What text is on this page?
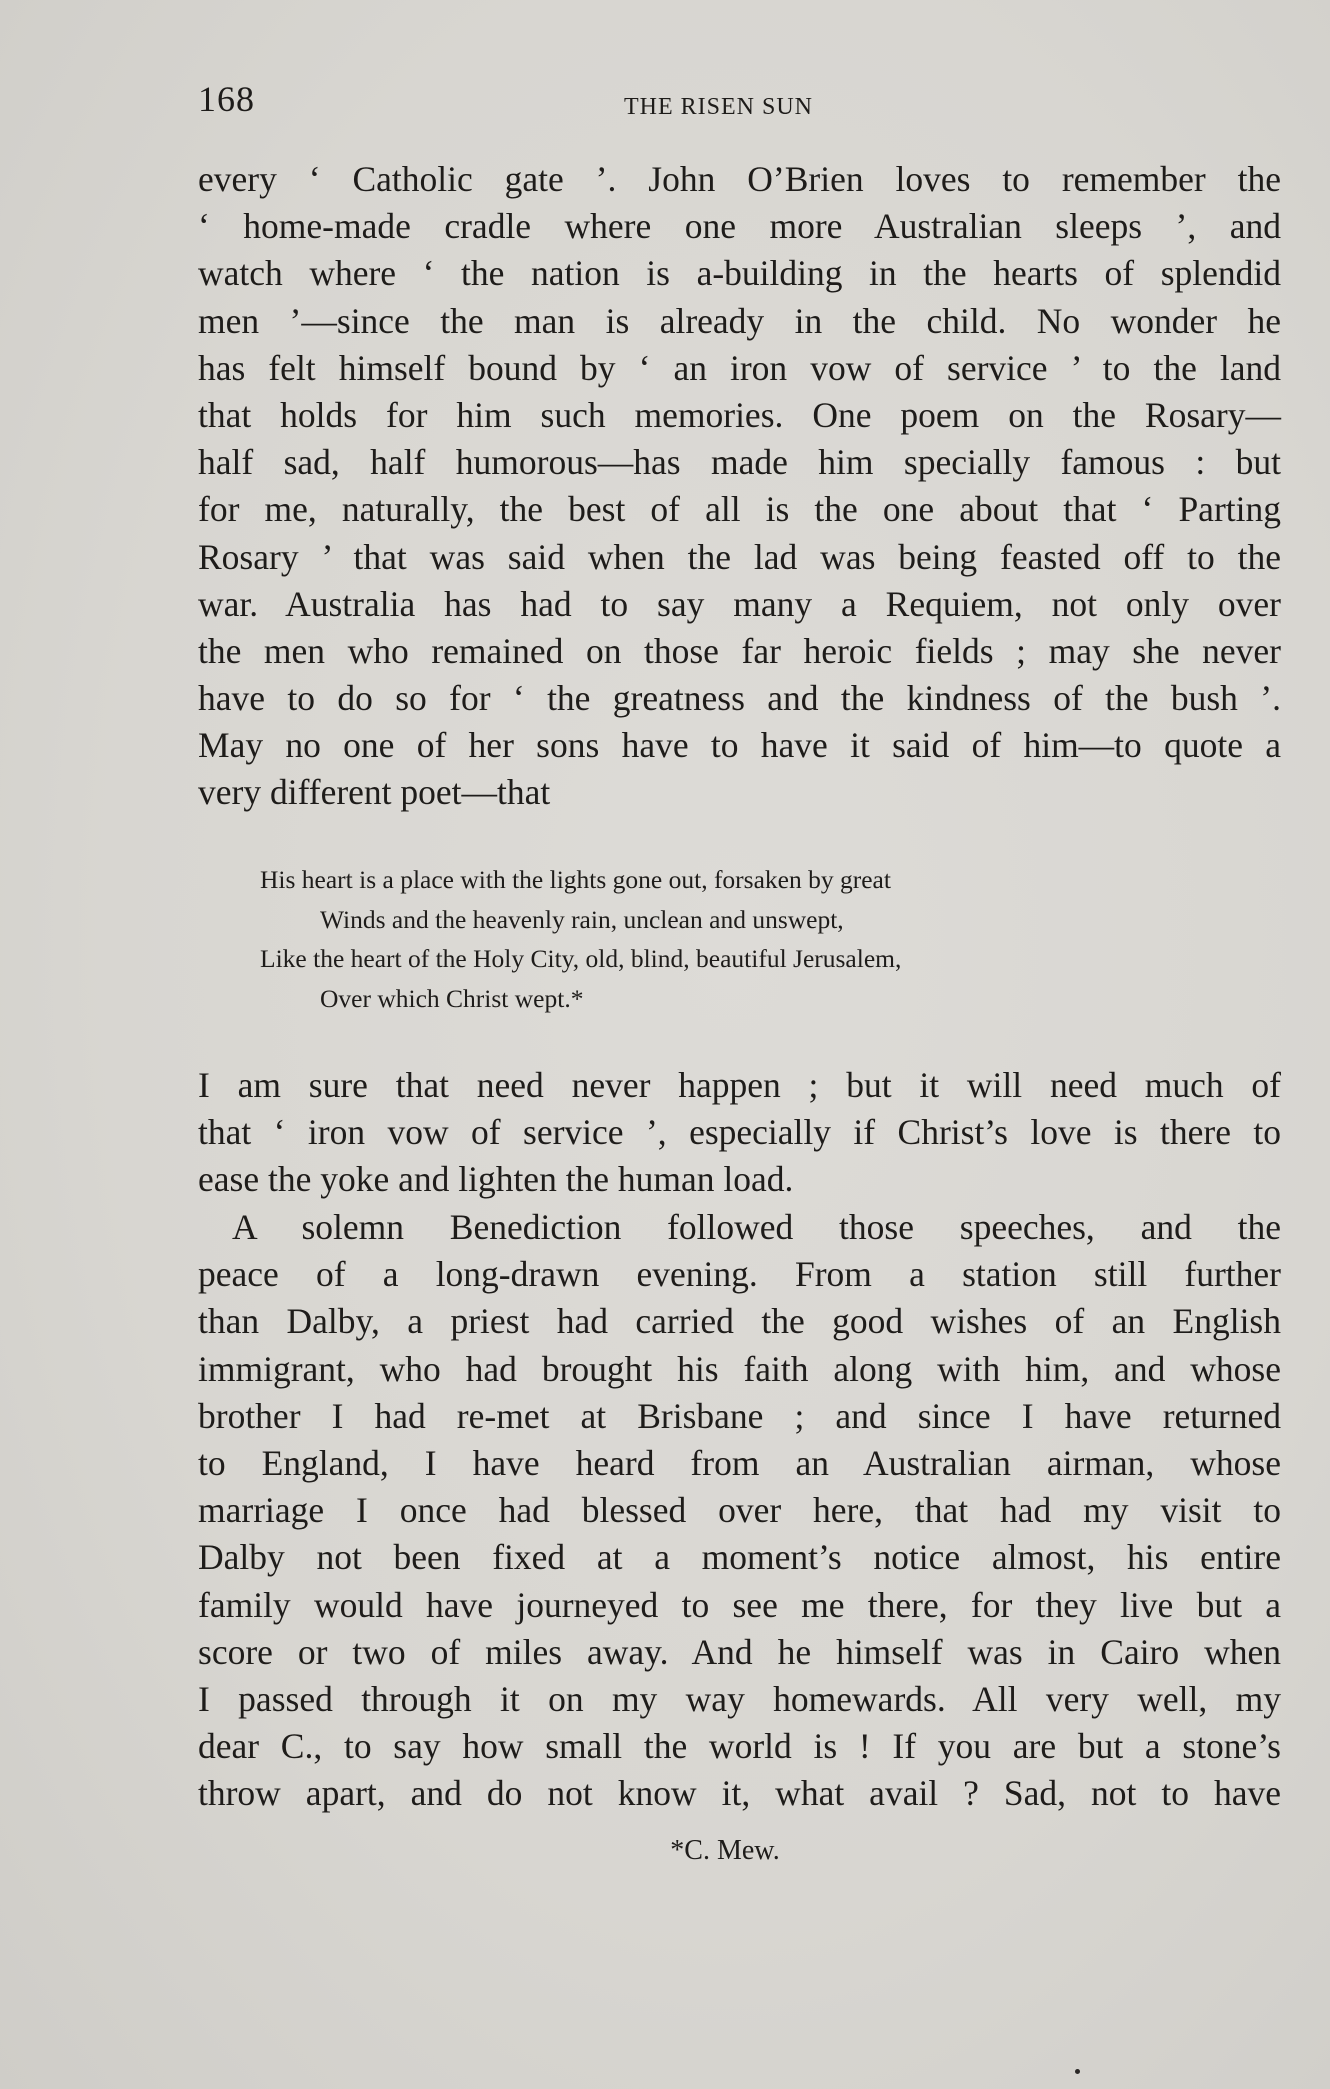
168	THE RISEN SUN
every ‘ Catholic gate ’. John O’Brien loves to remember the
‘ home-made cradle where one more Australian sleeps ’, and
watch where ‘ the nation is a-building in the hearts of splendid
men ’—since the man is already in the child. No wonder he
has felt himself bound by ‘ an iron vow of service ’ to the land
that holds for him such memories. One poem on the Rosary—
half sad, half humorous—has made him specially famous : but
for me, naturally, the best of all is the one about that ‘ Parting
Rosary ’ that was said when the lad was being feasted off to the
war. Australia has had to say many a Requiem, not only over
the men who remained on those far heroic fields ; may she never
have to do so for ‘ the greatness and the kindness of the bush ’.
May no one of her sons have to have it said of him—to quote a
very different poet—that
His heart is a place with the lights gone out, forsaken by great
Winds and the heavenly rain, unclean and unswept,
Like the heart of the Holy City, old, blind, beautiful Jerusalem,
Over which Christ wept.*
I am sure that need never happen ; but it will need much of
that ‘ iron vow of service ’, especially if Christ’s love is there to
ease the yoke and lighten the human load.
A solemn Benediction followed those speeches, and the
peace of a long-drawn evening. From a station still further
than Dalby, a priest had carried the good wishes of an English
immigrant, who had brought his faith along with him, and whose
brother I had re-met at Brisbane ; and since I have returned
to England, I have heard from an Australian airman, whose
marriage I once had blessed over here, that had my visit to
Dalby not been fixed at a moment’s notice almost, his entire
family would have journeyed to see me there, for they live but a
score or two of miles away. And he himself was in Cairo when
I passed through it on my way homewards. All very well, my
dear C., to say how small the world is ! If you are but a stone’s
throw apart, and do not know it, what avail ? Sad, not to have
*C. Mew.
